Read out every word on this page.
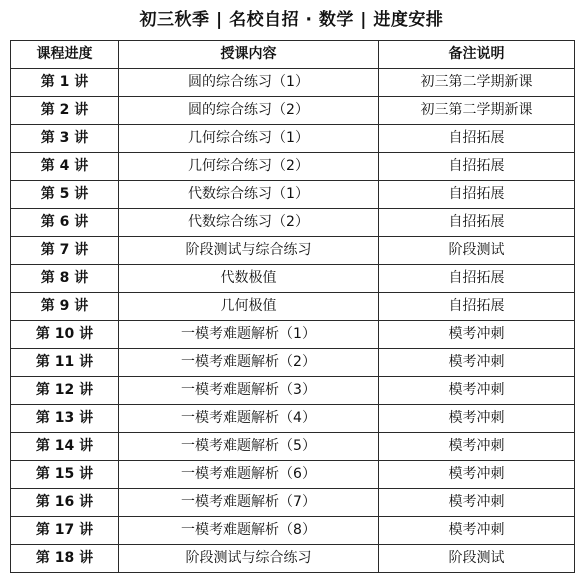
初三秋季 | 名校自招 · 数学 | 进度安排
课程进度	授课内容	备注说明
第 1 讲	圆的综合练习（1）	初三第二学期新课
第 2 讲	圆的综合练习（2）	初三第二学期新课
第 3 讲	几何综合练习（1）	自招拓展
第 4 讲	几何综合练习（2）	自招拓展
第 5 讲	代数综合练习（1）	自招拓展
第 6 讲	代数综合练习（2）	自招拓展
第 7 讲	阶段测试与综合练习	阶段测试
第 8 讲	代数极值	自招拓展
第 9 讲	几何极值	自招拓展
第 10 讲	一模考难题解析（1）	模考冲刺
第 11 讲	一模考难题解析（2）	模考冲刺
第 12 讲	一模考难题解析（3）	模考冲刺
第 13 讲	一模考难题解析（4）	模考冲刺
第 14 讲	一模考难题解析（5）	模考冲刺
第 15 讲	一模考难题解析（6）	模考冲刺
第 16 讲	一模考难题解析（7）	模考冲刺
第 17 讲	一模考难题解析（8）	模考冲刺
第 18 讲	阶段测试与综合练习	阶段测试
